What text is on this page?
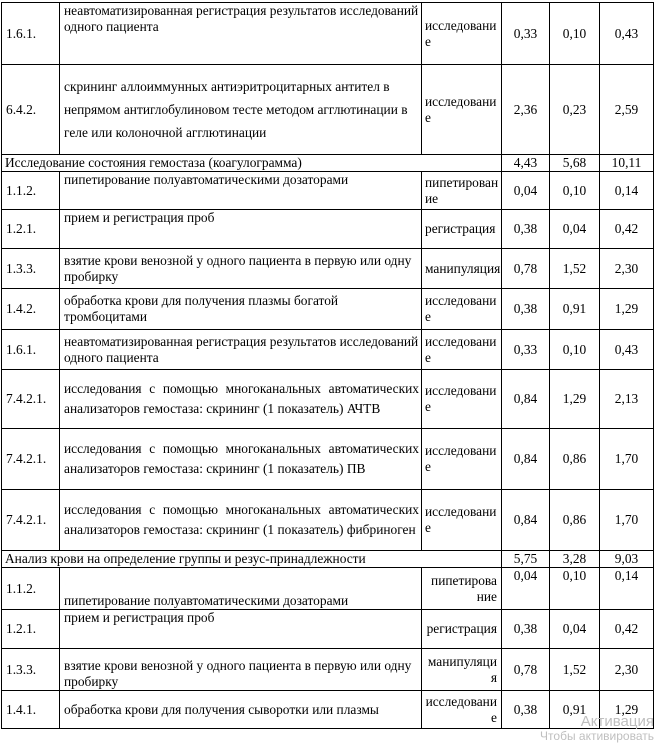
1.6.1.	неавтоматизированная регистрация результатов исследований одного пациента	исследование	0,33	0,10	0,43
6.4.2.	скрининг аллоиммунных антиэритроцитарных антител в непрямом антиглобулиновом тесте методом агглютинации в геле или колоночной агглютинации	исследование	2,36	0,23	2,59
Исследование состояния гемостаза (коагулограмма)			4,43	5,68	10,11
1.1.2.	пипетирование полуавтоматическими дозаторами	пипетирование	0,04	0,10	0,14
1.2.1.	прием и регистрация проб	регистрация	0,38	0,04	0,42
1.3.3.	взятие крови венозной у одного пациента в первую или одну пробирку	манипуляция	0,78	1,52	2,30
1.4.2.	обработка крови для получения плазмы богатой тромбоцитами	исследование	0,38	0,91	1,29
1.6.1.	неавтоматизированная регистрация результатов исследований одного пациента	исследование	0,33	0,10	0,43
7.4.2.1.	исследования с помощью многоканальных автоматических анализаторов гемостаза: скрининг (1 показатель) АЧТВ	исследование	0,84	1,29	2,13
7.4.2.1.	исследования с помощью многоканальных автоматических анализаторов гемостаза: скрининг (1 показатель) ПВ	исследование	0,84	0,86	1,70
7.4.2.1.	исследования с помощью многоканальных автоматических анализаторов гемостаза: скрининг (1 показатель) фибриноген	исследование	0,84	0,86	1,70
Анализ крови на определение группы и резус-принадлежности			5,75	3,28	9,03
1.1.2.	пипетирование полуавтоматическими дозаторами	пипетирование	0,04	0,10	0,14
1.2.1.	прием и регистрация проб	регистрация	0,38	0,04	0,42
1.3.3.	взятие крови венозной у одного пациента в первую или одну пробирку	манипуляция	0,78	1,52	2,30
1.4.1.	обработка крови для получения сыворотки или плазмы	исследование	0,38	0,91	1,29
Активация
Чтобы активировать
